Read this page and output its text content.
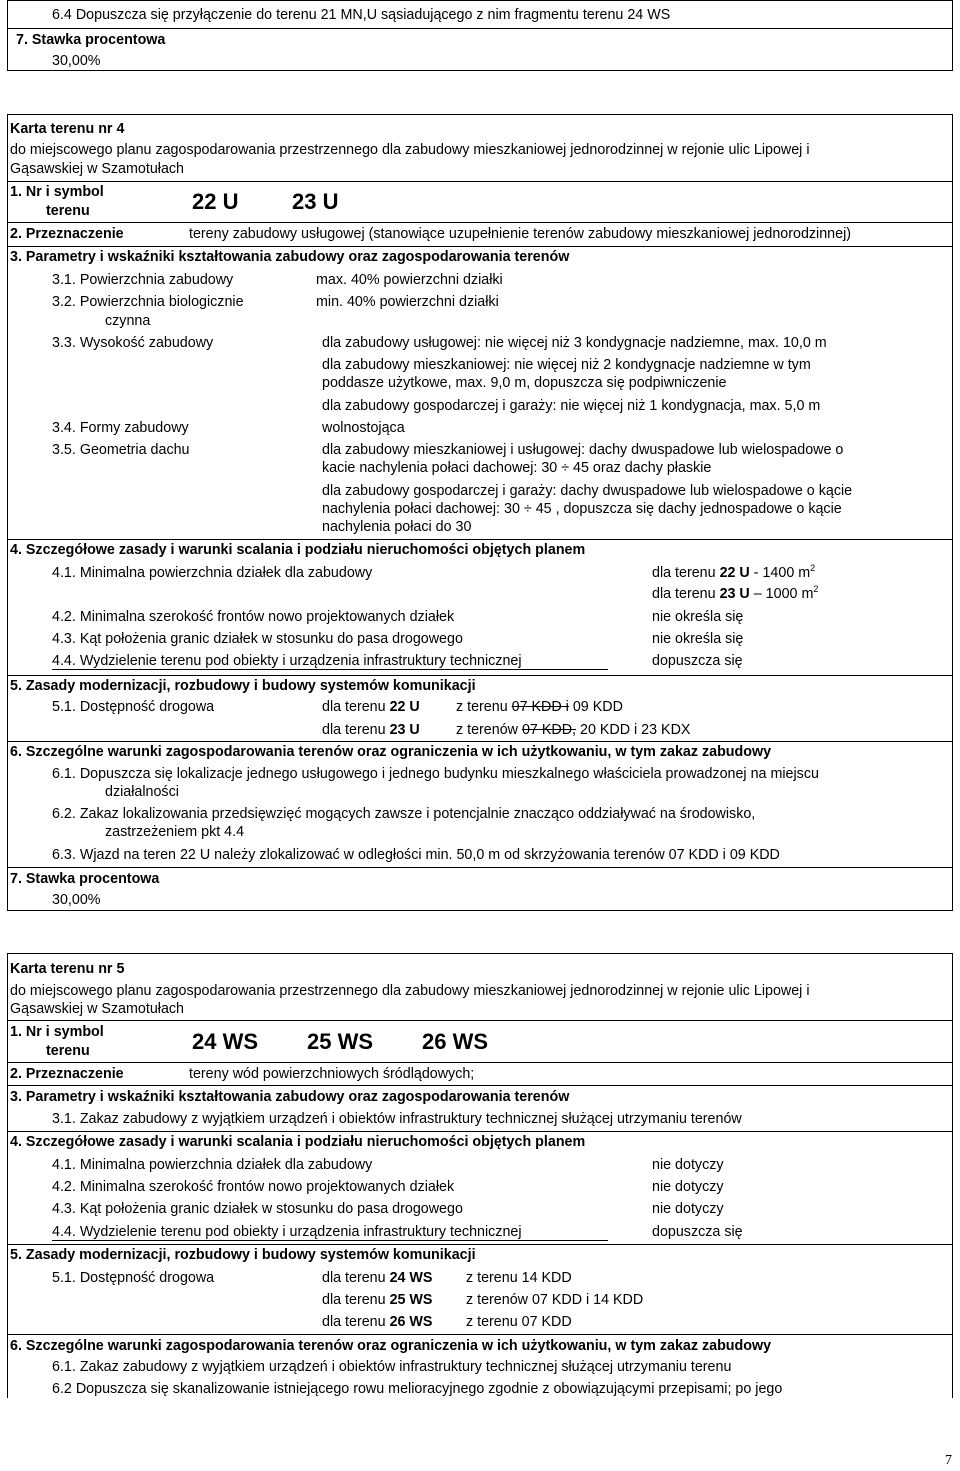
6.4 Dopuszcza się przyłączenie do terenu 21 MN,U sąsiadującego z nim fragmentu terenu 24 WS
7. Stawka procentowa
30,00%
Karta terenu nr 4
do miejscowego planu zagospodarowania przestrzennego dla zabudowy mieszkaniowej jednorodzinnej w rejonie ulic Lipowej i
Gąsawskiej w Szamotułach
1. Nr i symbol
terenu	22 U 23 U
2. Przeznaczenie	tereny zabudowy usługowej (stanowiące uzupełnienie terenów zabudowy mieszkaniowej jednorodzinnej)
3. Parametry i wskaźniki kształtowania zabudowy oraz zagospodarowania terenów
3.1. Powierzchnia zabudowy	max. 40% powierzchni działki
3.2. Powierzchnia biologicznie
czynna
min. 40% powierzchni działki
3.3. Wysokość zabudowy	dla zabudowy usługowej: nie więcej niż 3 kondygnacje nadziemne, max. 10,0 m
dla zabudowy mieszkaniowej: nie więcej niż 2 kondygnacje nadziemne w tym
poddasze użytkowe, max. 9,0 m, dopuszcza się podpiwniczenie
dla zabudowy gospodarczej i garaży: nie więcej niż 1 kondygnacja, max. 5,0 m
3.4. Formy zabudowy	wolnostojąca
3.5. Geometria dachu	dla zabudowy mieszkaniowej i usługowej: dachy dwuspadowe lub wielospadowe o
kacie nachylenia połaci dachowej: 30 ÷ 45 oraz dachy płaskie
dla zabudowy gospodarczej i garaży: dachy dwuspadowe lub wielospadowe o kącie
nachylenia połaci dachowej: 30 ÷ 45 , dopuszcza się dachy jednospadowe o kącie
nachylenia połaci do 30
4. Szczegółowe zasady i warunki scalania i podziału nieruchomości objętych planem
4.1. Minimalna powierzchnia działek dla zabudowy	dla terenu 22 U - 1400 $m^2$
dla terenu 23 U – 1000 $m^2$
4.2. Minimalna szerokość frontów nowo projektowanych działek	nie określa się
4.3. Kąt położenia granic działek w stosunku do pasa drogowego	nie określa się
4.4. Wydzielenie terenu pod obiekty i urządzenia infrastruktury technicznej	dopuszcza się
5. Zasady modernizacji, rozbudowy i budowy systemów komunikacji
5.1. Dostępność drogowa	dla terenu 22 U	z terenu 07 KDD i 09 KDD
dla terenu 23 U	z terenów 07 KDD, 20 KDD i 23 KDX
6. Szczególne warunki zagospodarowania terenów oraz ograniczenia w ich użytkowaniu, w tym zakaz zabudowy
6.1. Dopuszcza się lokalizacje jednego usługowego i jednego budynku mieszkalnego właściciela prowadzonej na miejscu
działalności
6.2. Zakaz lokalizowania przedsięwzięć mogących zawsze i potencjalnie znacząco oddziaływać na środowisko,
zastrzeżeniem pkt 4.4
6.3. Wjazd na teren 22 U należy zlokalizować w odległości min. 50,0 m od skrzyżowania terenów 07 KDD i 09 KDD
7. Stawka procentowa
30,00%
Karta terenu nr 5
do miejscowego planu zagospodarowania przestrzennego dla zabudowy mieszkaniowej jednorodzinnej w rejonie ulic Lipowej i
Gąsawskiej w Szamotułach
1. Nr i symbol
terenu	24 WS 25 WS 26 WS
2. Przeznaczenie	tereny wód powierzchniowych śródlądowych;
3. Parametry i wskaźniki kształtowania zabudowy oraz zagospodarowania terenów
3.1. Zakaz zabudowy z wyjątkiem urządzeń i obiektów infrastruktury technicznej służącej utrzymaniu terenów
4. Szczegółowe zasady i warunki scalania i podziału nieruchomości objętych planem
4.1. Minimalna powierzchnia działek dla zabudowy	nie dotyczy
4.2. Minimalna szerokość frontów nowo projektowanych działek	nie dotyczy
4.3. Kąt położenia granic działek w stosunku do pasa drogowego	nie dotyczy
4.4. Wydzielenie terenu pod obiekty i urządzenia infrastruktury technicznej	dopuszcza się
5. Zasady modernizacji, rozbudowy i budowy systemów komunikacji
5.1. Dostępność drogowa	dla terenu 24 WS z terenu 14 KDD
dla terenu 25 WS z terenów 07 KDD i 14 KDD
dla terenu 26 WS z terenu 07 KDD
6. Szczególne warunki zagospodarowania terenów oraz ograniczenia w ich użytkowaniu, w tym zakaz zabudowy
6.1. Zakaz zabudowy z wyjątkiem urządzeń i obiektów infrastruktury technicznej służącej utrzymaniu terenu
6.2 Dopuszcza się skanalizowanie istniejącego rowu melioracyjnego zgodnie z obowiązującymi przepisami; po jego
7
